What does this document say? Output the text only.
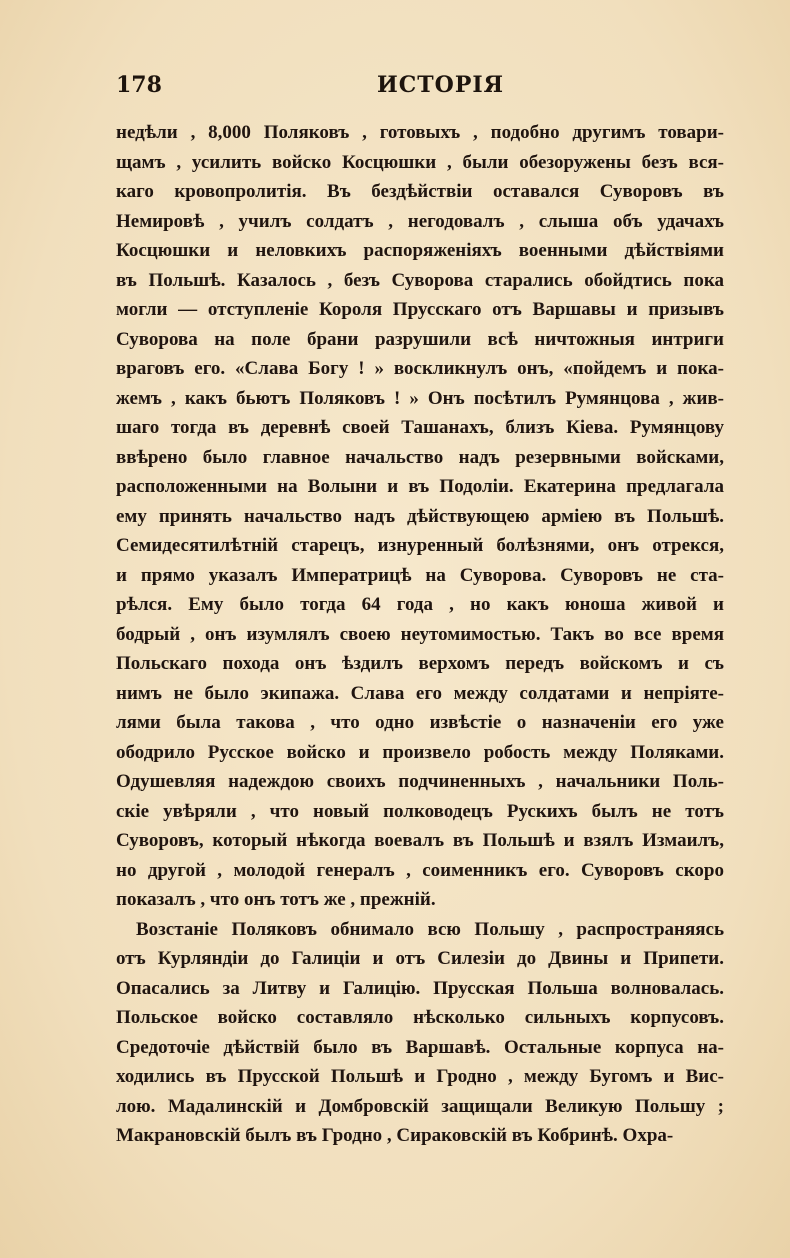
178	ИСТОРІЯ
недѣли , 8,000 Поляковъ , готовыхъ , подобно другимъ товари-
щамъ , усилить войско Косцюшки , были обезоружены безъ вся-
каго кровопролитія. Въ бездѣйствіи оставался Суворовъ въ
Немировѣ , училъ солдатъ , негодовалъ , слыша объ удачахъ
Косцюшки и неловкихъ распоряженіяхъ военными дѣйствіями
въ Польшѣ. Казалось , безъ Суворова старались обойдтись пока
могли — отступленіе Короля Прусскаго отъ Варшавы и призывъ
Суворова на поле брани разрушили всѣ ничтожныя интриги
враговъ его. «Слава Богу ! » воскликнулъ онъ, «пойдемъ и пока-
жемъ , какъ бьютъ Поляковъ ! » Онъ посѣтилъ Румянцова , жив-
шаго тогда въ деревнѣ своей Ташанахъ, близъ Кіева. Румянцову
ввѣрено было главное начальство надъ резервными войсками,
расположенными на Волыни и въ Подоліи. Екатерина предлагала
ему принять начальство надъ дѣйствующею арміею въ Польшѣ.
Семидесятилѣтній старецъ, изнуренный болѣзнями, онъ отрекся,
и прямо указалъ Императрицѣ на Суворова. Суворовъ не ста-
рѣлся. Ему было тогда 64 года , но какъ юноша живой и
бодрый , онъ изумлялъ своею неутомимостью. Такъ во все время
Польскаго похода онъ ѣздилъ верхомъ передъ войскомъ и съ
нимъ не было экипажа. Слава его между солдатами и непріяте-
лями была такова , что одно извѣстіе о назначеніи его уже
ободрило Русское войско и произвело робость между Поляками.
Одушевляя надеждою своихъ подчиненныхъ , начальники Поль-
скіе увѣряли , что новый полководецъ Рускихъ былъ не тотъ
Суворовъ, который нѣкогда воевалъ въ Польшѣ и взялъ Измаилъ,
но другой , молодой генералъ , соименникъ его. Суворовъ скоро
показалъ , что онъ тотъ же , прежній.
Возстаніе Поляковъ обнимало всю Польшу , распространяясь
отъ Курляндіи до Галиціи и отъ Силезіи до Двины и Припети.
Опасались за Литву и Галицію. Прусская Польша волновалась.
Польское войско составляло нѣсколько сильныхъ корпусовъ.
Средоточіе дѣйствій было въ Варшавѣ. Остальные корпуса на-
ходились въ Прусской Польшѣ и Гродно , между Бугомъ и Вис-
лою. Мадалинскій и Домбровскій защищали Великую Польшу ;
Макрановскій былъ въ Гродно , Сираковскій въ Кобринѣ. Охра-
